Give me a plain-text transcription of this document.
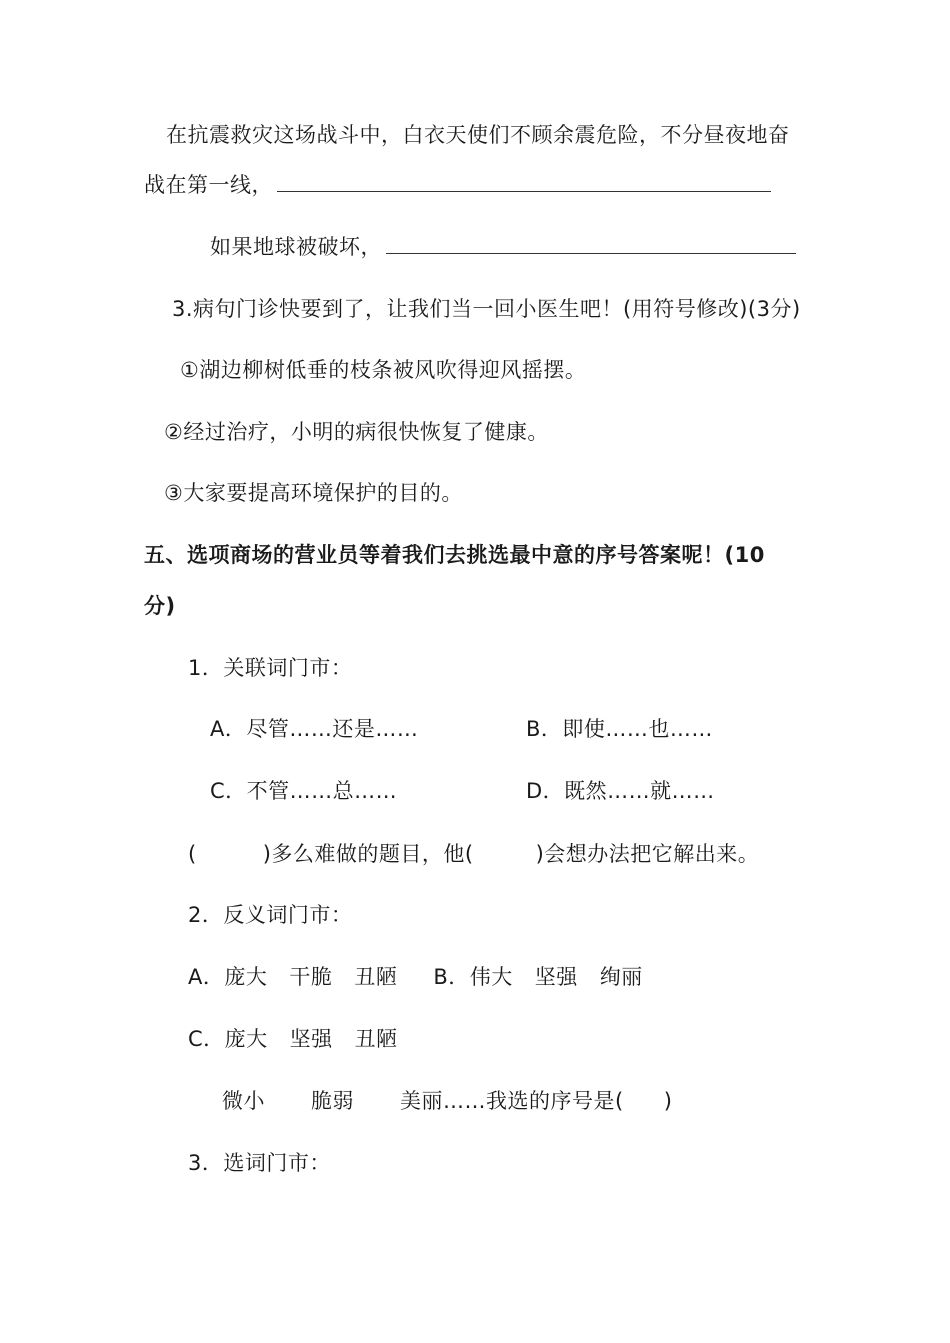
在抗震救灾这场战斗中，白衣天使们不顾余震危险，不分昼夜地奋
战在第一线，
如果地球被破坏，
3.病句门诊快要到了，让我们当一回小医生吧！(用符号修改)(3分)
①湖边柳树低垂的枝条被风吹得迎风摇摆。
②经过治疗，小明的病很快恢复了健康。
③大家要提高环境保护的目的。
五、选项商场的营业员等着我们去挑选最中意的序号答案呢！(10
分)
1．关联词门市：
A．尽管……还是……	B．即使……也……
C．不管……总……	D．既然……就……
(	)多么难做的题目，他(	)会想办法把它解出来。
2．反义词门市：
A．庞大 干脆 丑陋 B．伟大 坚强 绚丽
C．庞大 坚强 丑陋
微小 脆弱 美丽……我选的序号是( )
3．选词门市：
